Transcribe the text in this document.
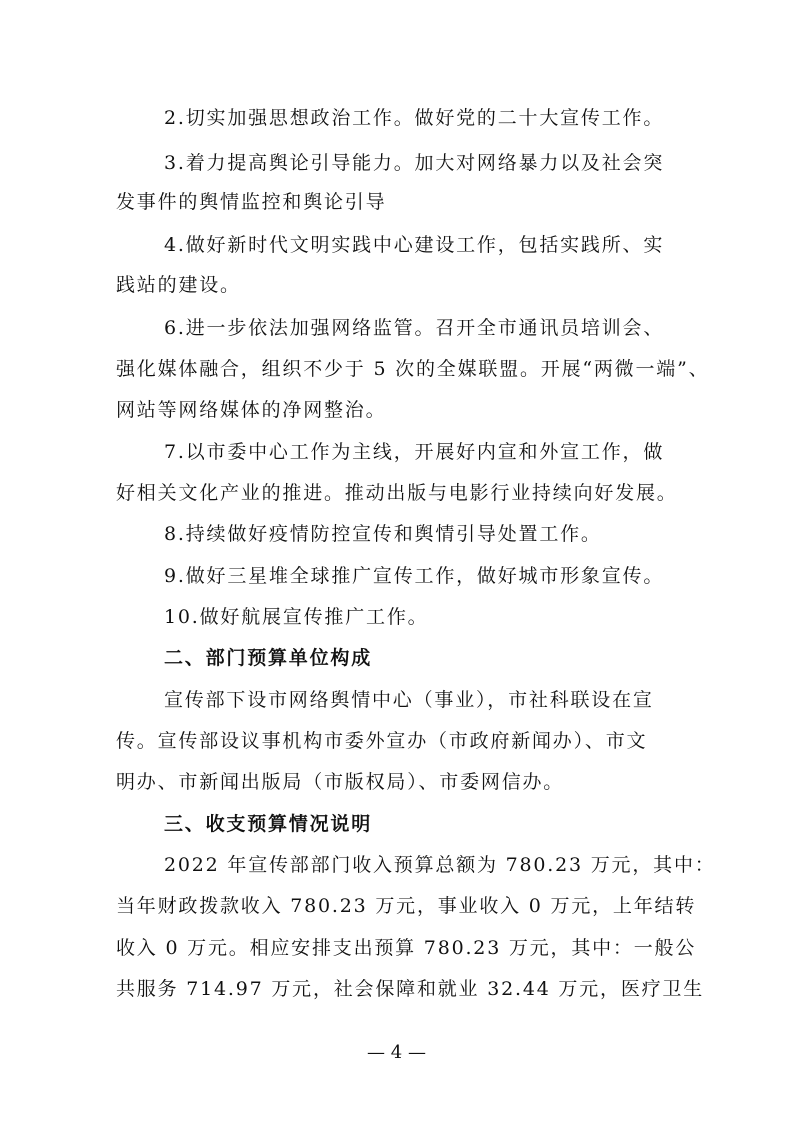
2.切实加强思想政治工作。做好党的二十大宣传工作。
3.着力提高舆论引导能力。加大对网络暴力以及社会突
发事件的舆情监控和舆论引导
4.做好新时代文明实践中心建设工作，包括实践所、实
践站的建设。
6.进一步依法加强网络监管。召开全市通讯员培训会、
强化媒体融合，组织不少于 5 次的全媒联盟。开展“两微一端”、
网站等网络媒体的净网整治。
7.以市委中心工作为主线，开展好内宣和外宣工作，做
好相关文化产业的推进。推动出版与电影行业持续向好发展。
8.持续做好疫情防控宣传和舆情引导处置工作。
9.做好三星堆全球推广宣传工作，做好城市形象宣传。
10.做好航展宣传推广工作。
二、部门预算单位构成
宣传部下设市网络舆情中心（事业），市社科联设在宣
传。宣传部设议事机构市委外宣办（市政府新闻办）、市文
明办、市新闻出版局（市版权局）、市委网信办。
三、收支预算情况说明
2022 年宣传部部门收入预算总额为 780.23 万元，其中：
当年财政拨款收入 780.23 万元，事业收入 0 万元，上年结转
收入 0 万元。相应安排支出预算 780.23 万元，其中：一般公
共服务 714.97 万元，社会保障和就业 32.44 万元，医疗卫生
— 4 —
